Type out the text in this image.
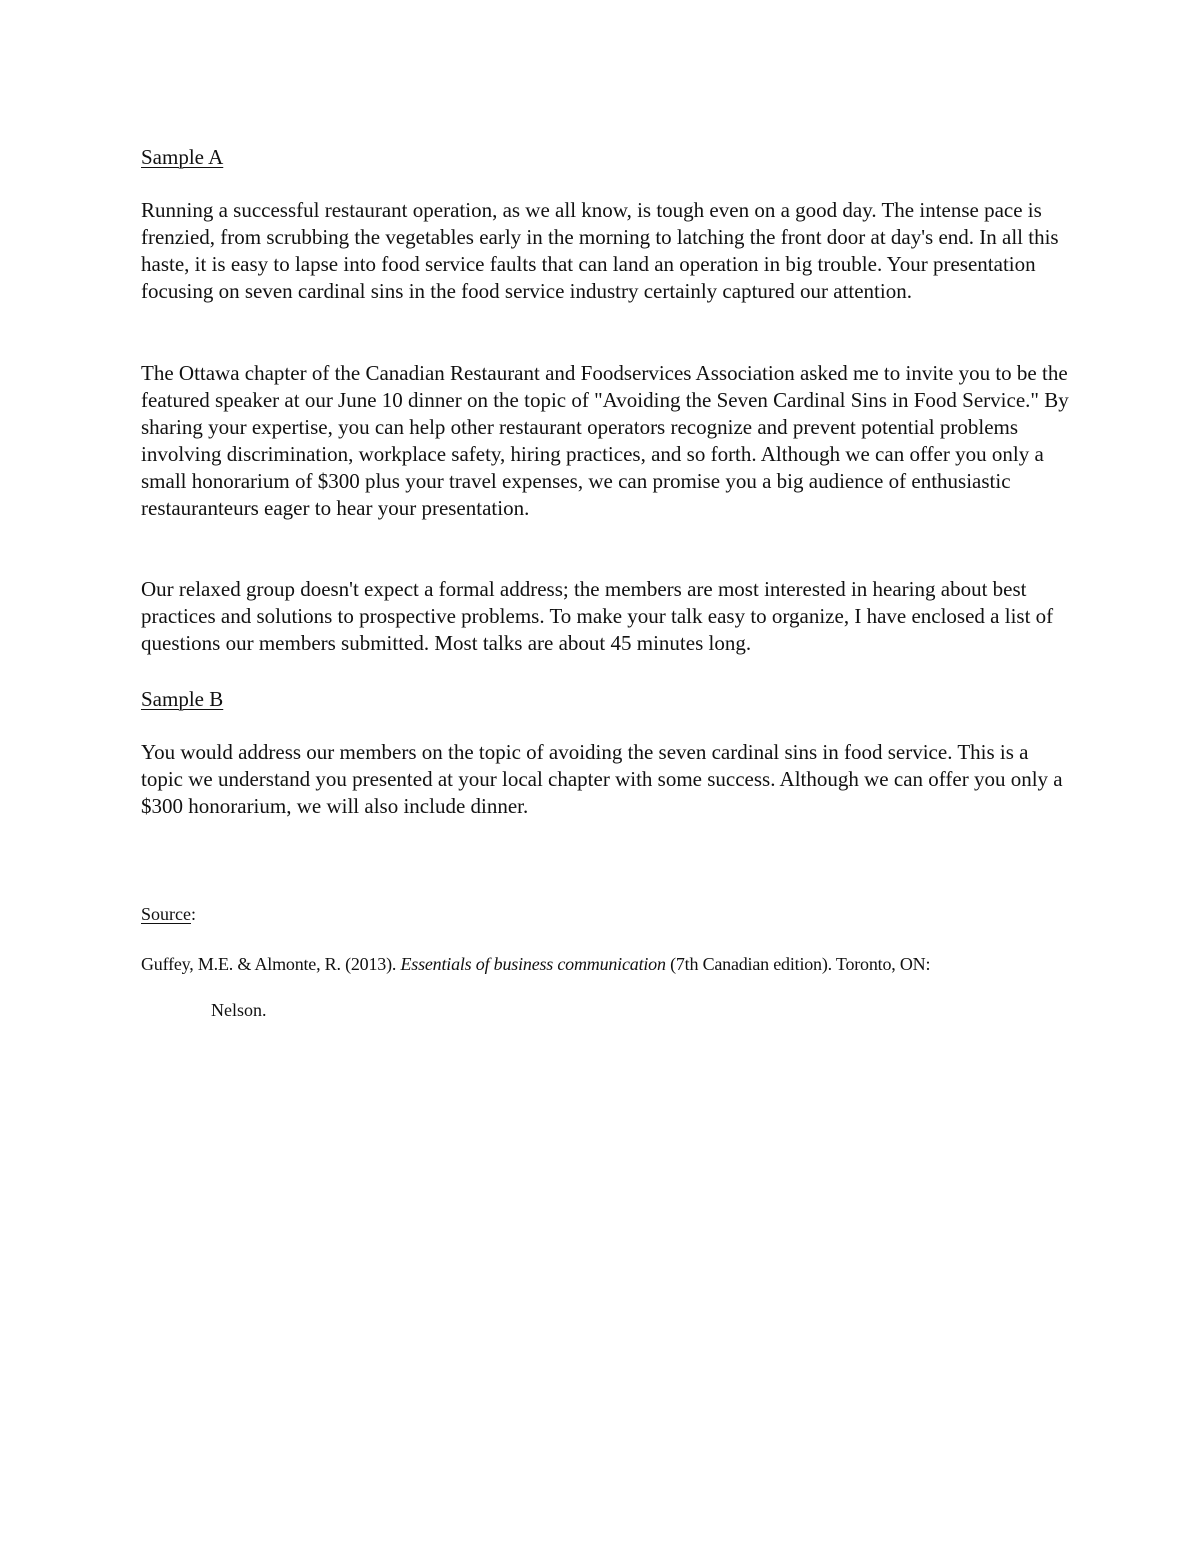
Sample A

Running a successful restaurant operation, as we all know, is tough even on a good day. The intense pace is frenzied, from scrubbing the vegetables early in the morning to latching the front door at day's end. In all this haste, it is easy to lapse into food service faults that can land an operation in big trouble. Your presentation focusing on seven cardinal sins in the food service industry certainly captured our attention.

The Ottawa chapter of the Canadian Restaurant and Foodservices Association asked me to invite you to be the featured speaker at our June 10 dinner on the topic of "Avoiding the Seven Cardinal Sins in Food Service." By sharing your expertise, you can help other restaurant operators recognize and prevent potential problems involving discrimination, workplace safety, hiring practices, and so forth. Although we can offer you only a small honorarium of $300 plus your travel expenses, we can promise you a big audience of enthusiastic restauranteurs eager to hear your presentation.

Our relaxed group doesn't expect a formal address; the members are most interested in hearing about best practices and solutions to prospective problems. To make your talk easy to organize, I have enclosed a list of questions our members submitted. Most talks are about 45 minutes long.

Sample B

You would address our members on the topic of avoiding the seven cardinal sins in food service. This is a topic we understand you presented at your local chapter with some success. Although we can offer you only a $300 honorarium, we will also include dinner.

Source:

Guffey, M.E. & Almonte, R. (2013). Essentials of business communication (7th Canadian edition). Toronto, ON:

Nelson.
